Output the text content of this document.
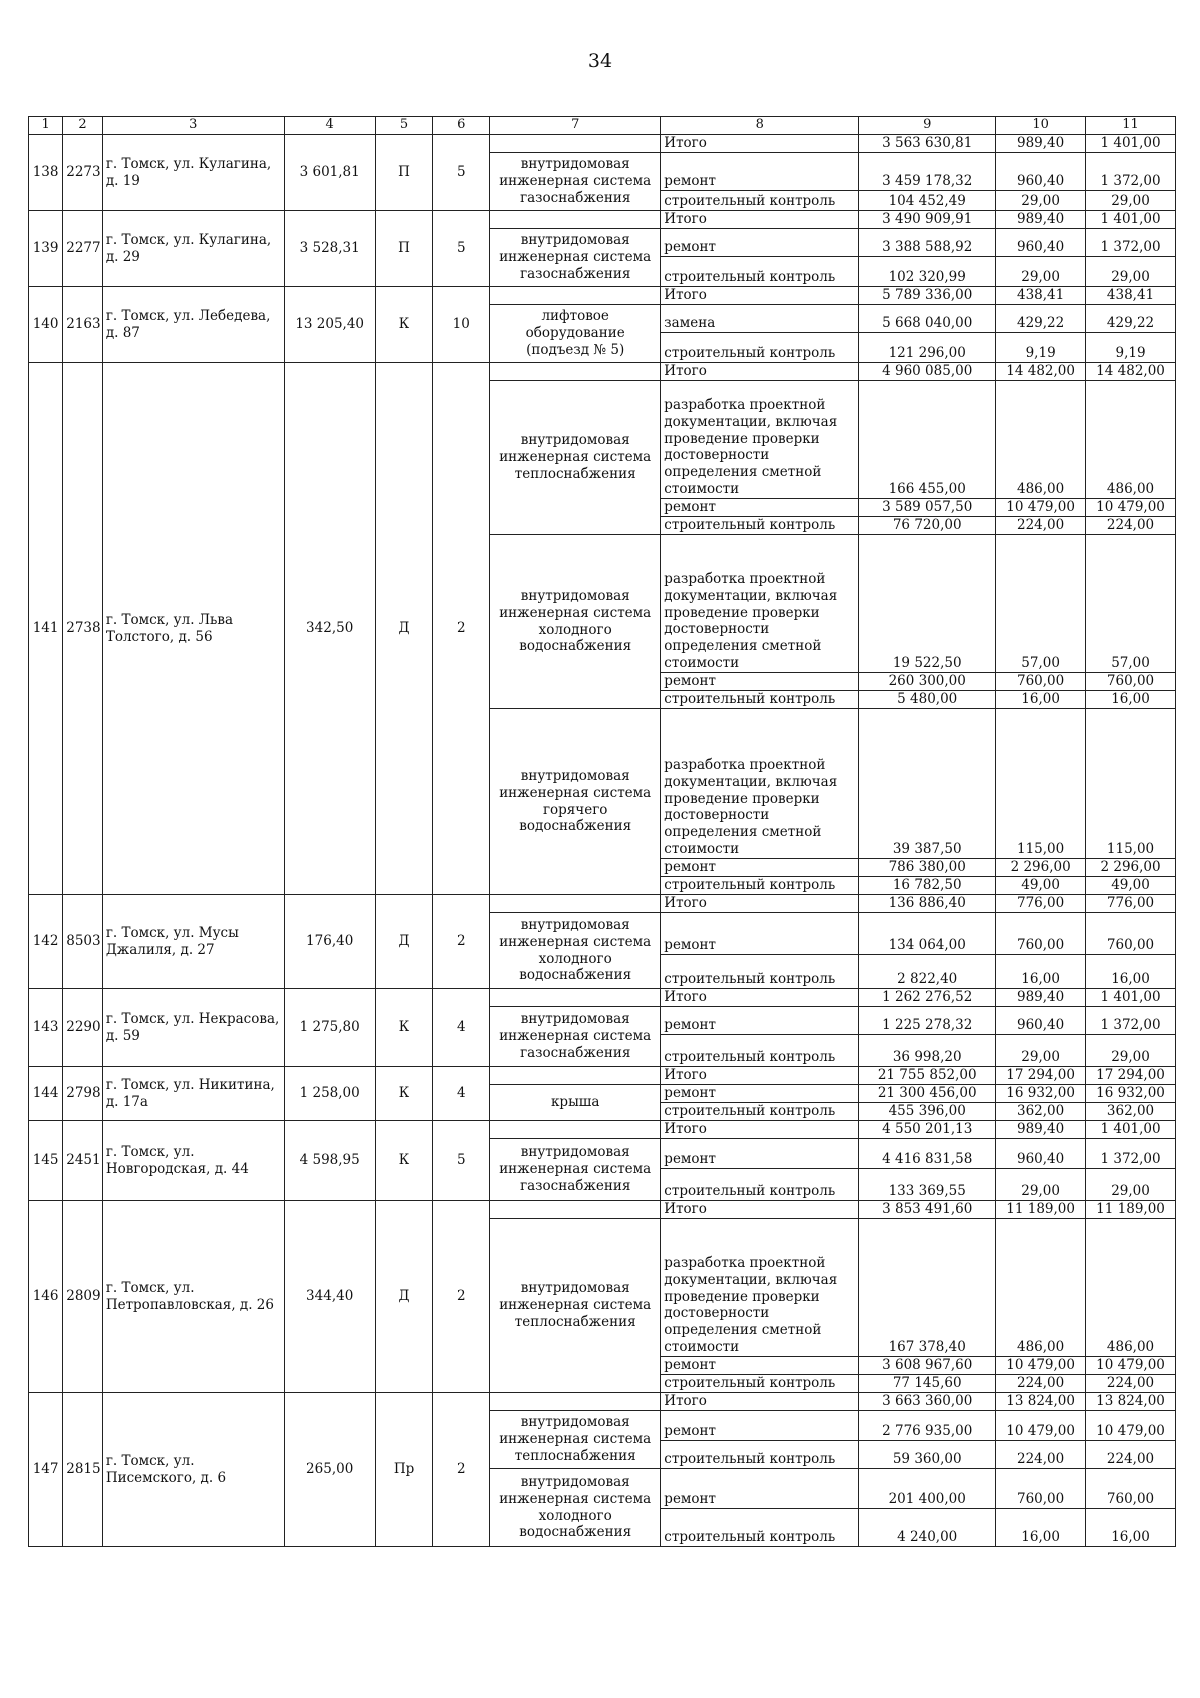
34
1	2	3	4	5	6	7	8	9	10	11
138	2273	г. Томск, ул. Кулагина, д. 19	3 601,81	П	5		Итого	3 563 630,81	989,40	1 401,00
						внутридомовая инженерная система газоснабжения	ремонт	3 459 178,32	960,40	1 372,00
							строительный контроль	104 452,49	29,00	29,00
139	2277	г. Томск, ул. Кулагина, д. 29	3 528,31	П	5		Итого	3 490 909,91	989,40	1 401,00
						внутридомовая инженерная система газоснабжения	ремонт	3 388 588,92	960,40	1 372,00
							строительный контроль	102 320,99	29,00	29,00
140	2163	г. Томск, ул. Лебедева, д. 87	13 205,40	К	10		Итого	5 789 336,00	438,41	438,41
						лифтовое оборудование (подъезд № 5)	замена	5 668 040,00	429,22	429,22
							строительный контроль	121 296,00	9,19	9,19
141	2738	г. Томск, ул. Льва Толстого, д. 56	342,50	Д	2		Итого	4 960 085,00	14 482,00	14 482,00
						внутридомовая инженерная система теплоснабжения	разработка проектной документации, включая проведение проверки достоверности определения сметной стоимости	166 455,00	486,00	486,00
							ремонт	3 589 057,50	10 479,00	10 479,00
							строительный контроль	76 720,00	224,00	224,00
						внутридомовая инженерная система холодного водоснабжения	разработка проектной документации, включая проведение проверки достоверности определения сметной стоимости	19 522,50	57,00	57,00
							ремонт	260 300,00	760,00	760,00
							строительный контроль	5 480,00	16,00	16,00
						внутридомовая инженерная система горячего водоснабжения	разработка проектной документации, включая проведение проверки достоверности определения сметной стоимости	39 387,50	115,00	115,00
							ремонт	786 380,00	2 296,00	2 296,00
							строительный контроль	16 782,50	49,00	49,00
142	8503	г. Томск, ул. Мусы Джалиля, д. 27	176,40	Д	2		Итого	136 886,40	776,00	776,00
						внутридомовая инженерная система холодного водоснабжения	ремонт	134 064,00	760,00	760,00
							строительный контроль	2 822,40	16,00	16,00
143	2290	г. Томск, ул. Некрасова, д. 59	1 275,80	К	4		Итого	1 262 276,52	989,40	1 401,00
						внутридомовая инженерная система газоснабжения	ремонт	1 225 278,32	960,40	1 372,00
							строительный контроль	36 998,20	29,00	29,00
144	2798	г. Томск, ул. Никитина, д. 17а	1 258,00	К	4		Итого	21 755 852,00	17 294,00	17 294,00
						крыша	ремонт	21 300 456,00	16 932,00	16 932,00
							строительный контроль	455 396,00	362,00	362,00
145	2451	г. Томск, ул. Новгородская, д. 44	4 598,95	К	5		Итого	4 550 201,13	989,40	1 401,00
						внутридомовая инженерная система газоснабжения	ремонт	4 416 831,58	960,40	1 372,00
							строительный контроль	133 369,55	29,00	29,00
146	2809	г. Томск, ул. Петропавловская, д. 26	344,40	Д	2		Итого	3 853 491,60	11 189,00	11 189,00
						внутридомовая инженерная система теплоснабжения	разработка проектной документации, включая проведение проверки достоверности определения сметной стоимости	167 378,40	486,00	486,00
							ремонт	3 608 967,60	10 479,00	10 479,00
							строительный контроль	77 145,60	224,00	224,00
147	2815	г. Томск, ул. Писемского, д. 6	265,00	Пр	2		Итого	3 663 360,00	13 824,00	13 824,00
						внутридомовая инженерная система теплоснабжения	ремонт	2 776 935,00	10 479,00	10 479,00
							строительный контроль	59 360,00	224,00	224,00
						внутридомовая инженерная система холодного водоснабжения	ремонт	201 400,00	760,00	760,00
							строительный контроль	4 240,00	16,00	16,00
